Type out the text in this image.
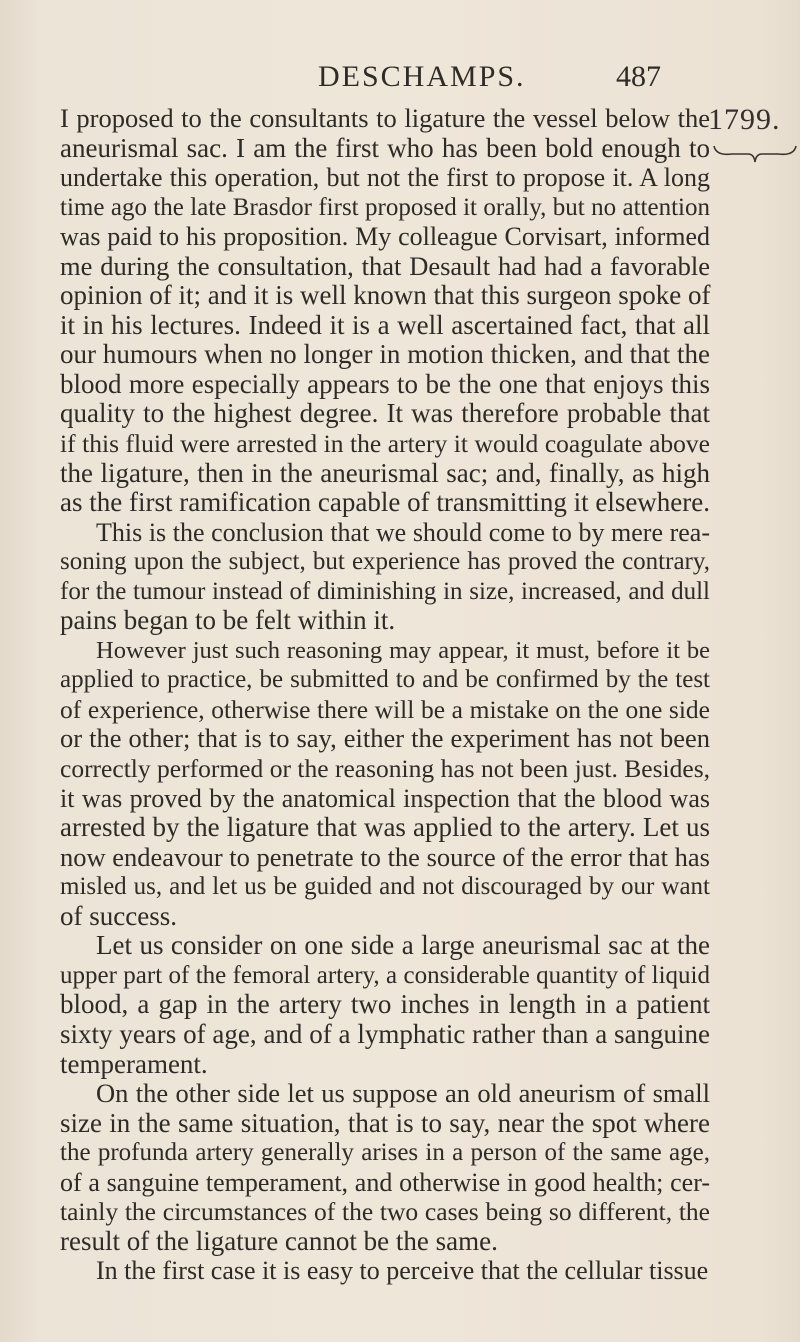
DESCHAMPS.	487
1799.
I proposed to the consultants to ligature the vessel below the
aneurismal sac. I am the first who has been bold enough to
undertake this operation, but not the first to propose it. A long
time ago the late Brasdor first proposed it orally, but no attention
was paid to his proposition. My colleague Corvisart, informed
me during the consultation, that Desault had had a favorable
opinion of it; and it is well known that this surgeon spoke of
it in his lectures. Indeed it is a well ascertained fact, that all
our humours when no longer in motion thicken, and that the
blood more especially appears to be the one that enjoys this
quality to the highest degree. It was therefore probable that
if this fluid were arrested in the artery it would coagulate above
the ligature, then in the aneurismal sac; and, finally, as high
as the first ramification capable of transmitting it elsewhere.
This is the conclusion that we should come to by mere rea-
soning upon the subject, but experience has proved the contrary,
for the tumour instead of diminishing in size, increased, and dull
pains began to be felt within it.
However just such reasoning may appear, it must, before it be
applied to practice, be submitted to and be confirmed by the test
of experience, otherwise there will be a mistake on the one side
or the other; that is to say, either the experiment has not been
correctly performed or the reasoning has not been just. Besides,
it was proved by the anatomical inspection that the blood was
arrested by the ligature that was applied to the artery. Let us
now endeavour to penetrate to the source of the error that has
misled us, and let us be guided and not discouraged by our want
of success.
Let us consider on one side a large aneurismal sac at the
upper part of the femoral artery, a considerable quantity of liquid
blood, a gap in the artery two inches in length in a patient
sixty years of age, and of a lymphatic rather than a sanguine
temperament.
On the other side let us suppose an old aneurism of small
size in the same situation, that is to say, near the spot where
the profunda artery generally arises in a person of the same age,
of a sanguine temperament, and otherwise in good health; cer-
tainly the circumstances of the two cases being so different, the
result of the ligature cannot be the same.
In the first case it is easy to perceive that the cellular tissue
